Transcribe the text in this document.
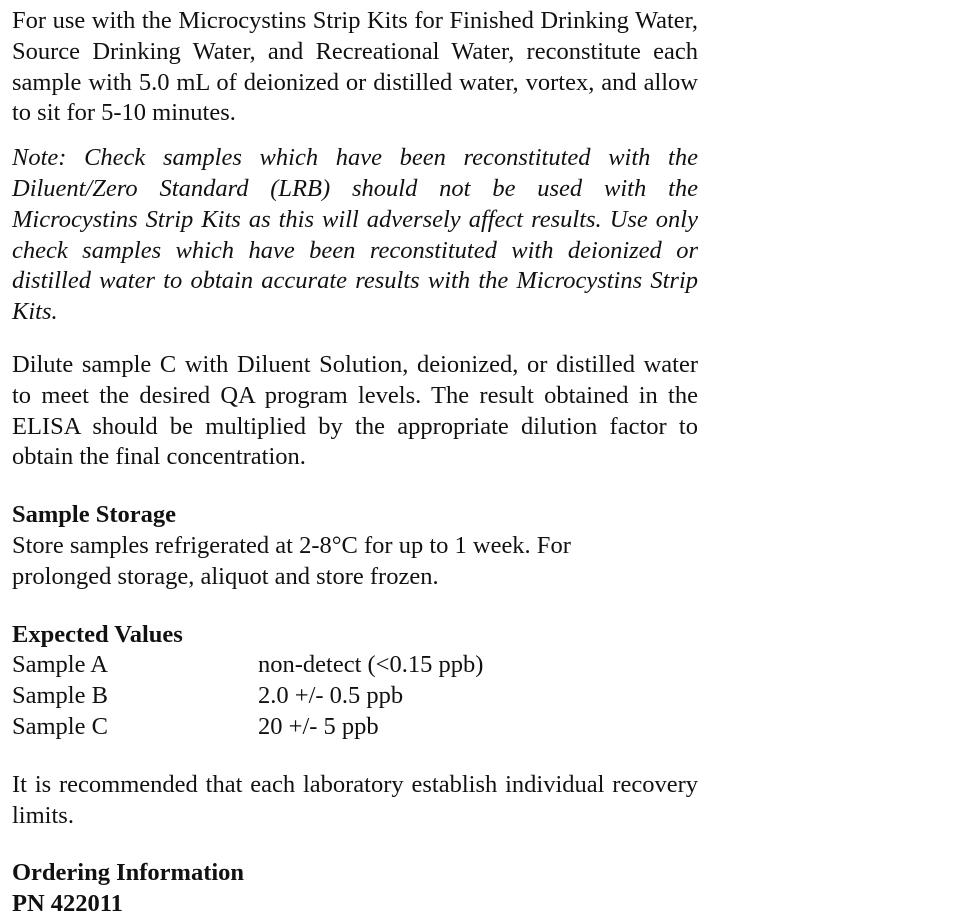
For use with the Microcystins Strip Kits for Finished Drinking Water, Source Drinking Water, and Recreational Water, reconstitute each sample with 5.0 mL of deionized or distilled water, vortex, and allow to sit for 5-10 minutes.

Note: Check samples which have been reconstituted with the Diluent/Zero Standard (LRB) should not be used with the Microcystins Strip Kits as this will adversely affect results. Use only check samples which have been reconstituted with deionized or distilled water to obtain accurate results with the Microcystins Strip Kits.

Dilute sample C with Diluent Solution, deionized, or distilled water to meet the desired QA program levels. The result obtained in the ELISA should be multiplied by the appropriate dilution factor to obtain the final concentration.

Sample Storage
Store samples refrigerated at 2-8°C for up to 1 week. For
prolonged storage, aliquot and store frozen.
Expected Values
Sample A	non-detect (<0.15 ppb)
Sample B	2.0 +/- 0.5 ppb
Sample C	20 +/- 5 ppb

It is recommended that each laboratory establish individual recovery limits.

Ordering Information
PN 422011
